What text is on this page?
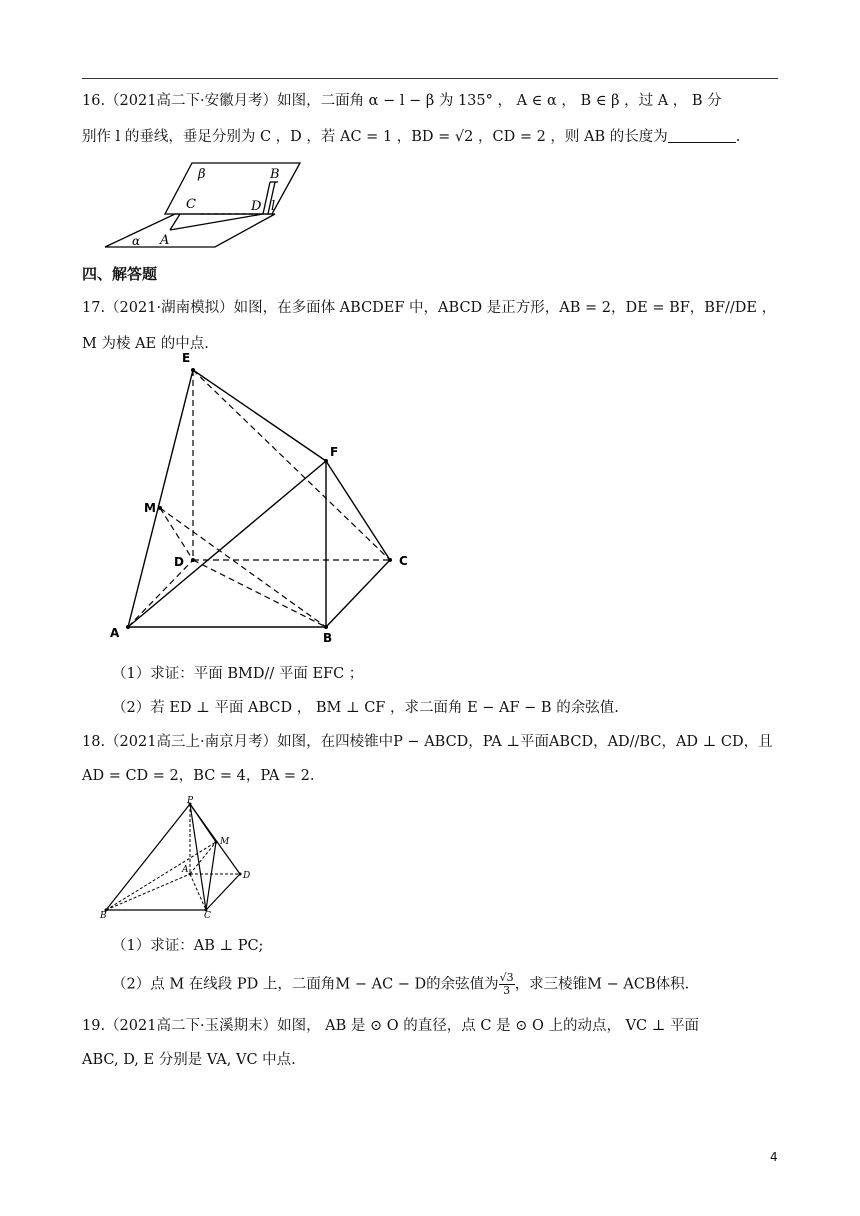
16.（2021高二下·安徽月考）如图，二面角 α − l − β 为 135° ， A ∈ α ， B ∈ β ，过 A ， B 分
别作 l 的垂线，垂足分别为 C ，D ，若 AC = 1 ，BD = √2 ，CD = 2 ，则 AB 的长度为	.
β	B
C	D l
A
α
四、解答题
17.（2021·湖南模拟）如图，在多面体 ABCDEF 中，ABCD 是正方形，AB = 2，DE = BF，BF//DE ，
M 为棱 AE 的中点.
E
F
M
D	C
A	B
（1）求证：平面 BMD// 平面 EFC ；
（2）若 ED ⊥ 平面 ABCD ， BM ⊥ CF ，求二面角 E − AF − B 的余弦值.
18.（2021高三上·南京月考）如图，在四棱锥中P − ABCD，PA ⊥平面ABCD，AD//BC，AD ⊥ CD，且
AD = CD = 2，BC = 4，PA = 2.
P
M
A
D
B	C
（1）求证：AB ⊥ PC;
（2）点 M 在线段 PD 上，二面角M − AC − D的余弦值为 $\frac{√3}{3}$ ，求三棱锥M − ACB体积.
19.（2021高二下·玉溪期末）如图， AB 是 ⊙ O 的直径，点 C 是 ⊙ O 上的动点， VC ⊥ 平面
ABC, D, E 分别是 VA, VC 中点.
4
